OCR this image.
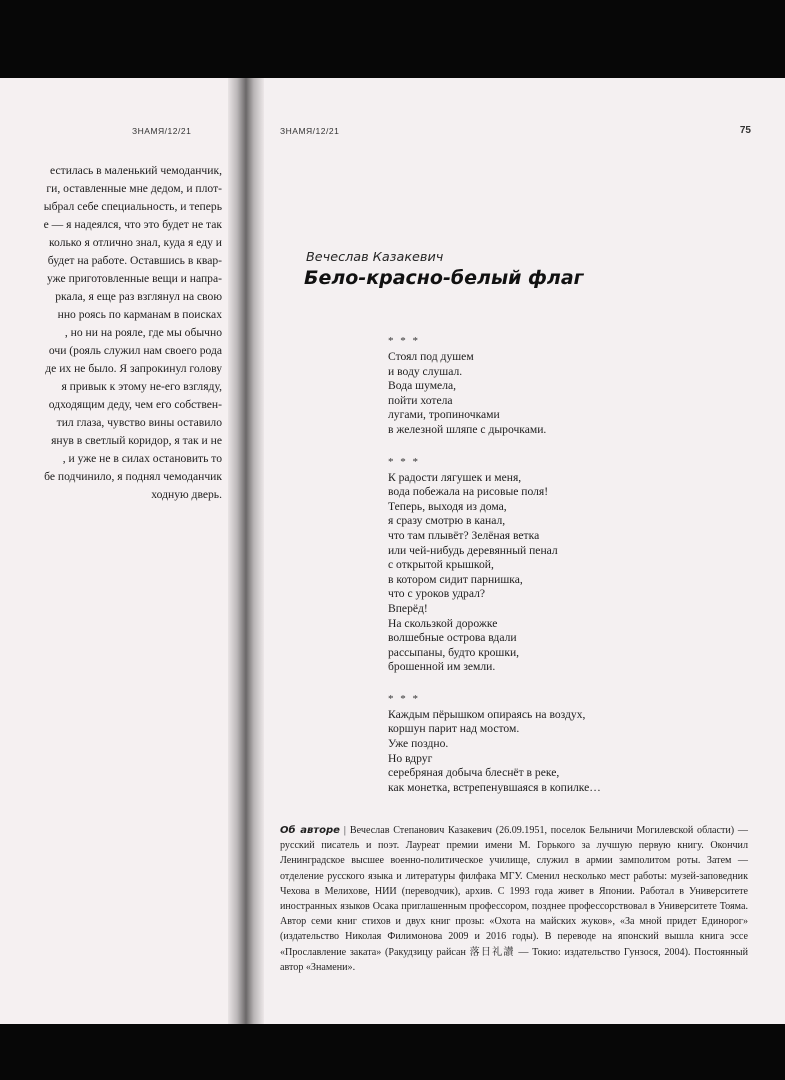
ЗНАМЯ/12/21
естилась в маленький чемоданчик,
ги, оставленные мне дедом, и плот-
ыбрал себе специальность, и теперь
е — я надеялся, что это будет не так
колько я отлично знал, куда я еду и
будет на работе. Оставшись в квар-
уже приготовленные вещи и напра-
ркала, я еще раз взглянул на свою
нно роясь по карманам в поисках
, но ни на рояле, где мы обычно
очи (рояль служил нам своего рода
де их не было. Я запрокинул голову
я привык к этому не-его взгляду,
одходящим деду, чем его собствен-
тил глаза, чувство вины оставило
янув в светлый коридор, я так и не
, и уже не в силах остановить то
бе подчинило, я поднял чемоданчик
ходную дверь.
ЗНАМЯ/12/21	75
Вечеслав Казакевич
Бело-красно-белый флаг
* * *
Стоял под душем
и воду слушал.
Вода шумела,
пойти хотела
лугами, тропиночками
в железной шляпе с дырочками.
* * *
К радости лягушек и меня,
вода побежала на рисовые поля!
Теперь, выходя из дома,
я сразу смотрю в канал,
что там плывёт? Зелёная ветка
или чей-нибудь деревянный пенал
с открытой крышкой,
в котором сидит парнишка,
что с уроков удрал?
Вперёд!
На скользкой дорожке
волшебные острова вдали
рассыпаны, будто крошки,
брошенной им земли.
* * *
Каждым пёрышком опираясь на воздух,
коршун парит над мостом.
Уже поздно.
Но вдруг
серебряная добыча блеснёт в реке,
как монетка, встрепенувшаяся в копилке…
Об авторе | Вечеслав Степанович Казакевич (26.09.1951, поселок Белыничи Могилевской области) — русский писатель и поэт. Лауреат премии имени М. Горького за лучшую первую книгу. Окончил Ленинградское высшее военно-политическое училище, служил в армии замполитом роты. Затем — отделение русского языка и литературы филфака МГУ. Сменил несколько мест работы: музей-заповедник Чехова в Мелихове, НИИ (переводчик), архив. С 1993 года живет в Японии. Работал в Университете иностранных языков Осака приглашенным профессором, позднее профессорствовал в Университете Тояма. Автор семи книг стихов и двух книг прозы: «Охота на майских жуков», «За мной придет Единорог» (издательство Николая Филимонова 2009 и 2016 годы). В переводе на японский вышла книга эссе «Прославление заката» (Ракудзицу райсан 落日礼讃 — Токио: издательство Гунзося, 2004). Постоянный автор «Знамени».
